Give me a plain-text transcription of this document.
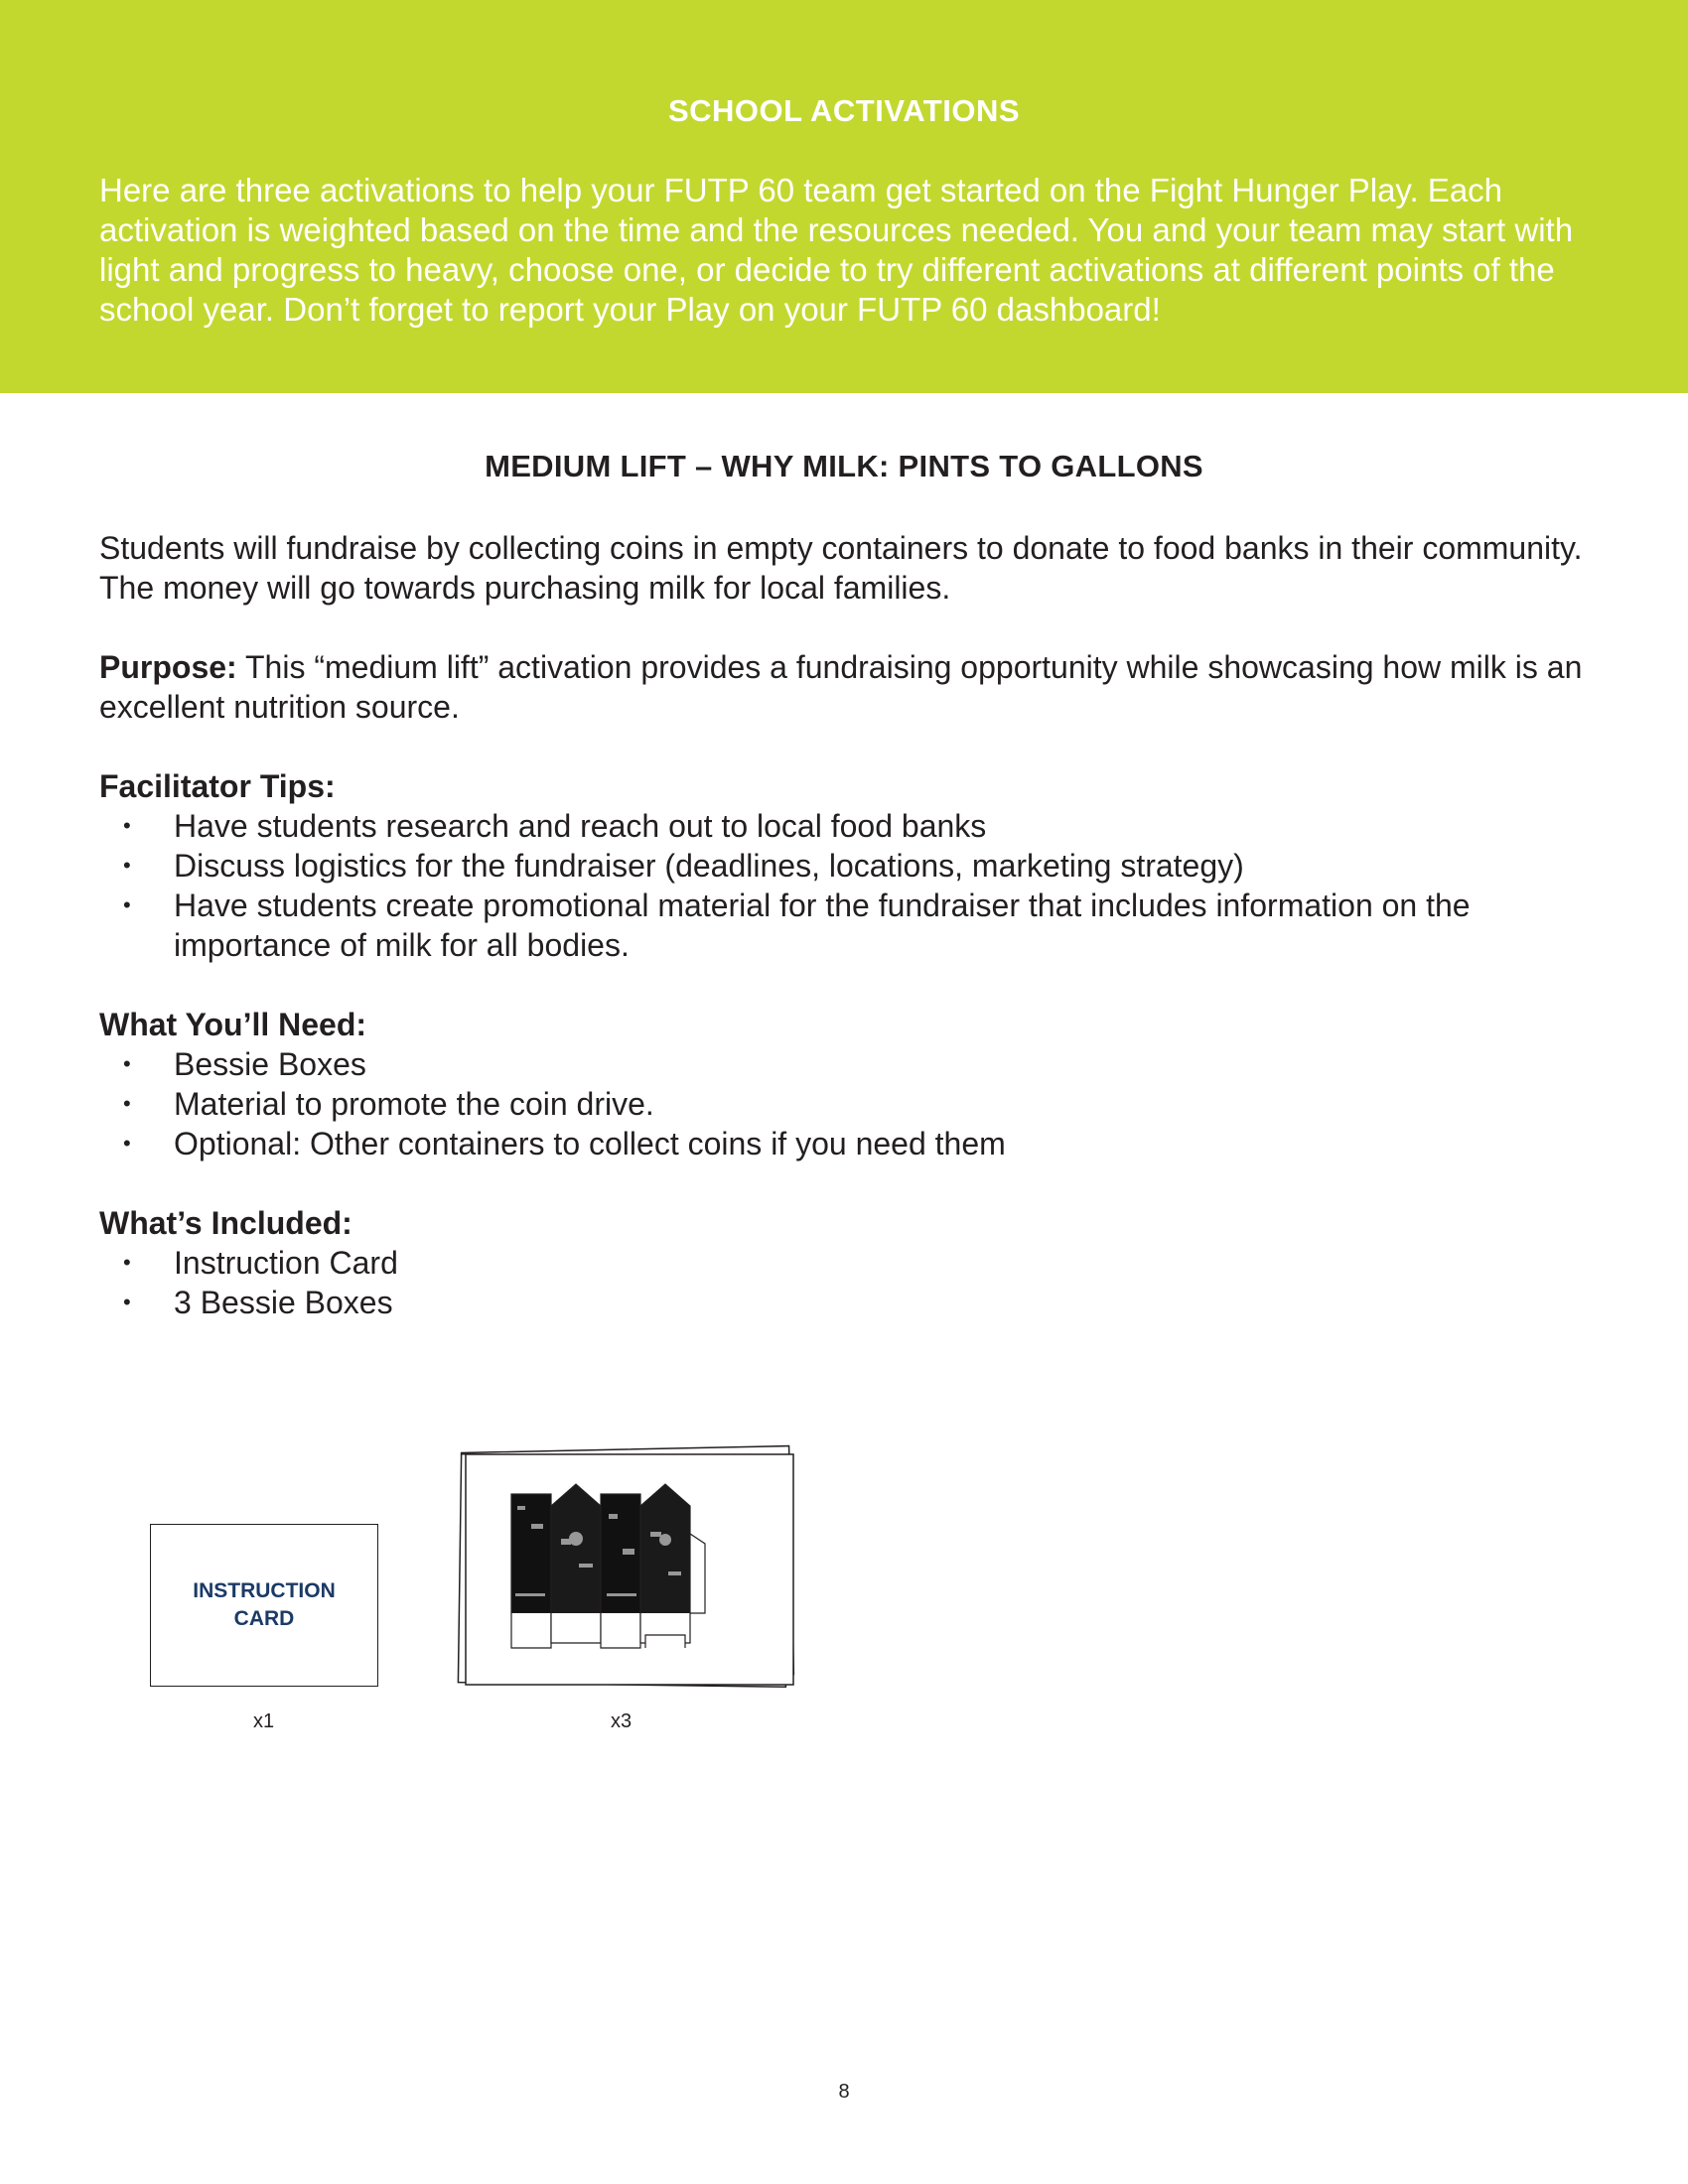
SCHOOL ACTIVATIONS
Here are three activations to help your FUTP 60 team get started on the Fight Hunger Play. Each activation is weighted based on the time and the resources needed. You and your team may start with light and progress to heavy, choose one, or decide to try different activations at different points of the school year. Don’t forget to report your Play on your FUTP 60 dashboard!
MEDIUM LIFT – WHY MILK: PINTS TO GALLONS

Students will fundraise by collecting coins in empty containers to donate to food banks in their community. The money will go towards purchasing milk for local families.

Purpose: This “medium lift” activation provides a fundraising opportunity while showcasing how milk is an excellent nutrition source.

Facilitator Tips:
• Have students research and reach out to local food banks
• Discuss logistics for the fundraiser (deadlines, locations, marketing strategy)
• Have students create promotional material for the fundraiser that includes information on the importance of milk for all bodies.
What You’ll Need:
• Bessie Boxes
• Material to promote the coin drive.
• Optional: Other containers to collect coins if you need them
What’s Included:
• Instruction Card
• 3 Bessie Boxes
INSTRUCTION
CARD
x1	x3
8
